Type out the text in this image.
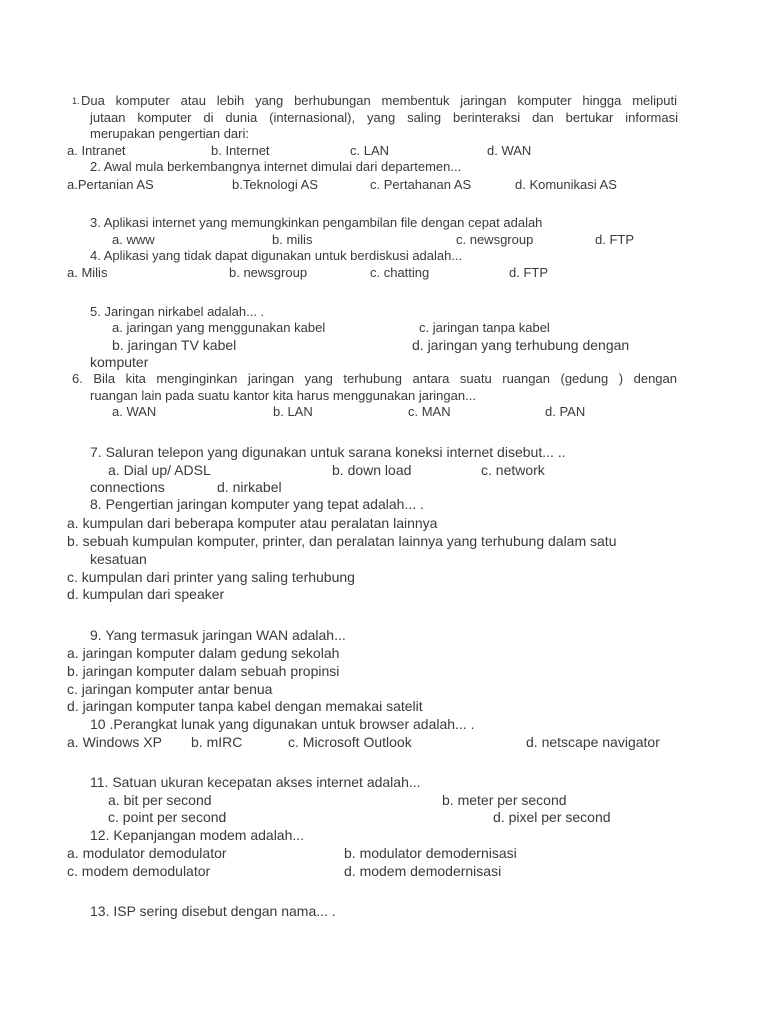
1. Dua komputer atau lebih yang berhubungan membentuk jaringan komputer hingga meliputi
jutaan komputer di dunia (internasional), yang saling berinteraksi dan bertukar informasi
merupakan pengertian dari:
a. Intranet	b. Internet	c. LAN	d. WAN
2. Awal mula berkembangnya internet dimulai dari departemen...
a.Pertanian AS	b.Teknologi AS	c. Pertahanan AS	d. Komunikasi AS
3. Aplikasi internet yang memungkinkan pengambilan file dengan cepat adalah
a. www	b. milis	c. newsgroup	d. FTP
4. Aplikasi yang tidak dapat digunakan untuk berdiskusi adalah...
a. Milis	b. newsgroup	c. chatting	d. FTP
5. Jaringan nirkabel adalah... .
a. jaringan yang menggunakan kabel	c. jaringan tanpa kabel
b. jaringan TV kabel	d. jaringan yang terhubung dengan
komputer
6. Bila kita menginginkan jaringan yang terhubung antara suatu ruangan (gedung ) dengan
ruangan lain pada suatu kantor kita harus menggunakan jaringan...
a. WAN	b. LAN	c. MAN	d. PAN
7. Saluran telepon yang digunakan untuk sarana koneksi internet disebut... ..
a. Dial up/ ADSL	b. down load	c. network
connections	d. nirkabel
8. Pengertian jaringan komputer yang tepat adalah... .
a. kumpulan dari beberapa komputer atau peralatan lainnya
b. sebuah kumpulan komputer, printer, dan peralatan lainnya yang terhubung dalam satu
kesatuan
c. kumpulan dari printer yang saling terhubung
d. kumpulan dari speaker
9. Yang termasuk jaringan WAN adalah...
a. jaringan komputer dalam gedung sekolah
b. jaringan komputer dalam sebuah propinsi
c. jaringan komputer antar benua
d. jaringan komputer tanpa kabel dengan memakai satelit
10 .Perangkat lunak yang digunakan untuk browser adalah... .
a. Windows XP b. mIRC	c. Microsoft Outlook	d. netscape navigator
11. Satuan ukuran kecepatan akses internet adalah...
a. bit per second	b. meter per second
c. point per second	d. pixel per second
12. Kepanjangan modem adalah...
a. modulator demodulator	b. modulator demodernisasi
c. modem demodulator	d. modem demodernisasi
13. ISP sering disebut dengan nama... .
